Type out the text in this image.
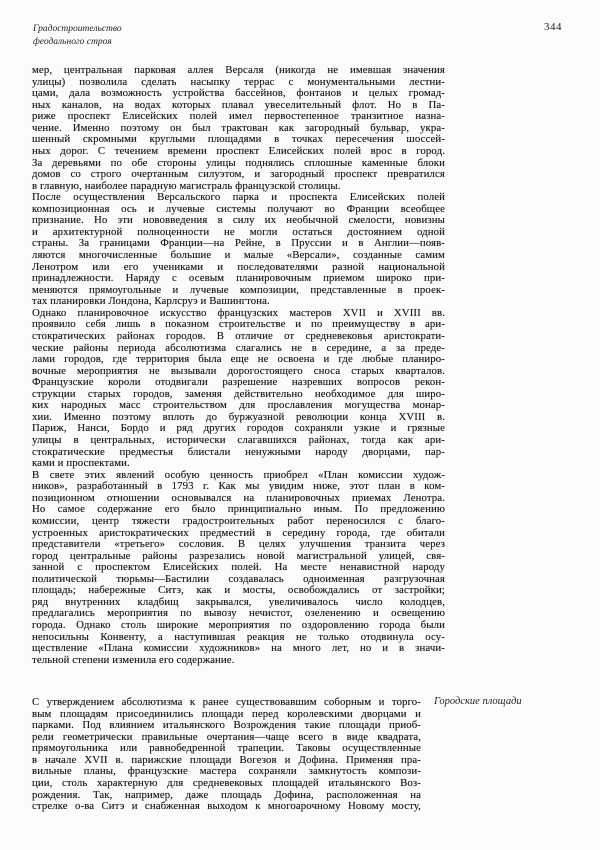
Градостроительство
феодального строя
344
мер, центральная парковая аллея Версаля (никогда не имевшая значения
улицы) позволила сделать насыпку террас с монументальными лестни-
цами, дала возможность устройства бассейнов, фонтанов и целых громад-
ных каналов, на водах которых плавал увеселительный флот. Но в Па-
риже проспект Елисейских полей имел первостепенное транзитное назна-
чение. Именно поэтому он был трактован как загородный бульвар, укра-
шенный скромными круглыми площадями в точках пересечения шоссей-
ных дорог. С течением времени проспект Елисейских полей врос в город.
За деревьями по обе стороны улицы поднялись сплошные каменные блоки
домов со строго очертанным силуэтом, и загородный проспект превратился
в главную, наиболее парадную магистраль французской столицы.
После осуществления Версальского парка и проспекта Елисейских полей
композиционная ось и лучевые системы получают во Франции всеобщее
признание. Но эти нововведения в силу их необычной смелости, новизны
и архитектурной полноценности не могли остаться достоянием одной
страны. За границами Франции—на Рейне, в Пруссии и в Англии—появ-
ляются многочисленные большие и малые «Версали», созданные самим
Ленотром или его учениками и последователями разной национальной
принадлежности. Наряду с осевым планировочным приемом широко при-
меняются прямоугольные и лучевые композиции, представленные в проек-
тах планировки Лондона, Карлсруэ и Вашингтона.
Однако планировочное искусство французских мастеров XVII и XVIII вв.
проявило себя лишь в показном строительстве и по преимуществу в ари-
стократических районах городов. В отличие от средневековья аристократи-
ческие районы периода абсолютизма слагались не в середине, а за преде-
лами городов, где территория была еще не освоена и где любые планиро-
вочные мероприятия не вызывали дорогостоящего сноса старых кварталов.
Французские короли отодвигали разрешение назревших вопросов рекон-
струкции старых городов, заменяя действительно необходимое для широ-
ких народных масс строительством для прославления могущества монар-
хии. Именно поэтому вплоть до буржуазной революции конца XVIII в.
Париж, Нанси, Бордо и ряд других городов сохраняли узкие и грязные
улицы в центральных, исторически слагавшихся районах, тогда как ари-
стократические предместья блистали ненужными народу дворцами, пар-
ками и проспектами.
В свете этих явлений особую ценность приобрел «План комиссии худож-
ников», разработанный в 1793 г. Как мы увидим ниже, этот план в ком-
позиционном отношении основывался на планировочных приемах Ленотра.
Но самое содержание его было принципиально иным. По предложению
комиссии, центр тяжести градостроительных работ переносился с благо-
устроенных аристократических предместий в середину города, где обитали
представители «третьего» сословия. В целях улучшения транзита через
город центральные районы разрезались новой магистральной улицей, свя-
занной с проспектом Елисейских полей. На месте ненавистной народу
политической тюрьмы—Бастилии создавалась одноименная разгрузочная
площадь; набережные Ситэ, как и мосты, освобождались от застройки;
ряд внутренних кладбищ закрывался, увеличивалось число колодцев,
предлагались мероприятия по вывозу нечистот, озеленению и освещению
города. Однако столь широкие мероприятия по оздоровлению города были
непосильны Конвенту, а наступившая реакция не только отодвинула осу-
ществление «Плана комиссии художников» на много лет, но и в значи-
тельной степени изменила его содержание.
С утверждением абсолютизма к ранее существовавшим соборным и торго-
вым площадям присоединились площади перед королевскими дворцами и
парками. Под влиянием итальянского Возрождения такие площади приоб-
рели геометрически правильные очертания—чаще всего в виде квадрата,
прямоугольника или равнобедренной трапеции. Таковы осуществленные
в начале XVII в. парижские площади Вогезов и Дофина. Применяя пра-
вильные планы, французские мастера сохраняли замкнутость компози-
ции, столь характерную для средневековых площадей итальянского Воз-
рождения. Так, например, даже площадь Дофина, расположенная на
стрелке о-ва Ситэ и снабженная выходом к многоарочному Новому мосту,
Городские площади
